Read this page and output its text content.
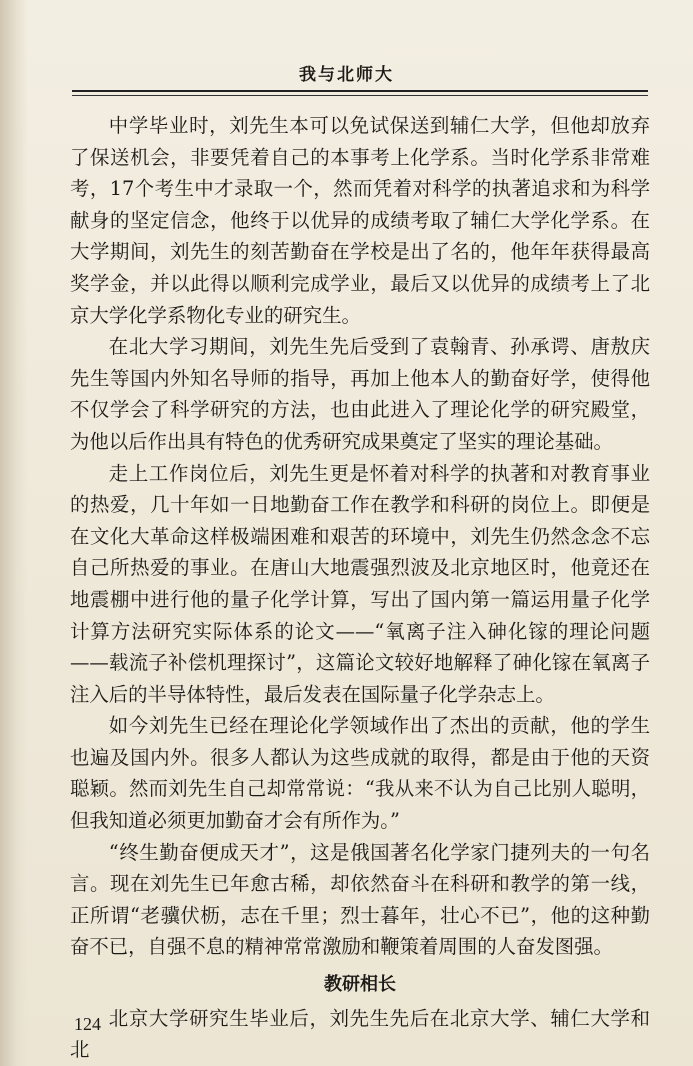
我与北师大

中学毕业时，刘先生本可以免试保送到辅仁大学，但他却放弃了保送机会，非要凭着自己的本事考上化学系。当时化学系非常难考，17个考生中才录取一个，然而凭着对科学的执著追求和为科学献身的坚定信念，他终于以优异的成绩考取了辅仁大学化学系。在大学期间，刘先生的刻苦勤奋在学校是出了名的，他年年获得最高奖学金，并以此得以顺利完成学业，最后又以优异的成绩考上了北京大学化学系物化专业的研究生。

在北大学习期间，刘先生先后受到了袁翰青、孙承谔、唐敖庆先生等国内外知名导师的指导，再加上他本人的勤奋好学，使得他不仅学会了科学研究的方法，也由此进入了理论化学的研究殿堂，为他以后作出具有特色的优秀研究成果奠定了坚实的理论基础。

走上工作岗位后，刘先生更是怀着对科学的执著和对教育事业的热爱，几十年如一日地勤奋工作在教学和科研的岗位上。即便是在文化大革命这样极端困难和艰苦的环境中，刘先生仍然念念不忘自己所热爱的事业。在唐山大地震强烈波及北京地区时，他竟还在地震棚中进行他的量子化学计算，写出了国内第一篇运用量子化学计算方法研究实际体系的论文——“氧离子注入砷化镓的理论问题——载流子补偿机理探讨”，这篇论文较好地解释了砷化镓在氧离子注入后的半导体特性，最后发表在国际量子化学杂志上。

如今刘先生已经在理论化学领域作出了杰出的贡献，他的学生也遍及国内外。很多人都认为这些成就的取得，都是由于他的天资聪颖。然而刘先生自己却常常说：“我从来不认为自己比别人聪明，但我知道必须更加勤奋才会有所作为。”

“终生勤奋便成天才”，这是俄国著名化学家门捷列夫的一句名言。现在刘先生已年愈古稀，却依然奋斗在科研和教学的第一线，正所谓“老骥伏枥，志在千里；烈士暮年，壮心不已”，他的这种勤奋不已，自强不息的精神常常激励和鞭策着周围的人奋发图强。

教研相长

北京大学研究生毕业后，刘先生先后在北京大学、辅仁大学和北

124
